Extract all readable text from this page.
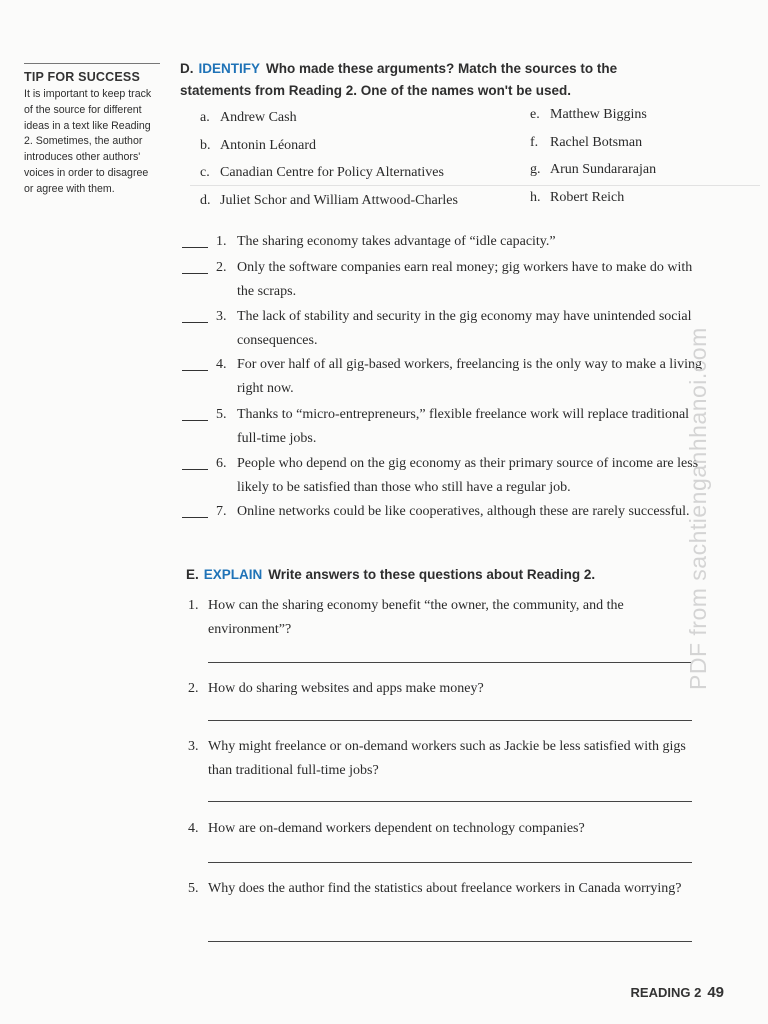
TIP FOR SUCCESS
It is important to keep track of the source for different ideas in a text like Reading 2. Sometimes, the author introduces other authors' voices in order to disagree or agree with them.
D. IDENTIFY Who made these arguments? Match the sources to the statements from Reading 2. One of the names won't be used.
a. Andrew Cash
b. Antonin Léonard
c. Canadian Centre for Policy Alternatives
d. Juliet Schor and William Attwood-Charles
e. Matthew Biggins
f. Rachel Botsman
g. Arun Sundararajan
h. Robert Reich
1. The sharing economy takes advantage of “idle capacity.”
2. Only the software companies earn real money; gig workers have to make do with the scraps.
3. The lack of stability and security in the gig economy may have unintended social consequences.
4. For over half of all gig-based workers, freelancing is the only way to make a living right now.
5. Thanks to “micro-entrepreneurs,” flexible freelance work will replace traditional full-time jobs.
6. People who depend on the gig economy as their primary source of income are less likely to be satisfied than those who still have a regular job.
7. Online networks could be like cooperatives, although these are rarely successful.
E. EXPLAIN Write answers to these questions about Reading 2.
1. How can the sharing economy benefit “the owner, the community, and the environment”?
2. How do sharing websites and apps make money?
3. Why might freelance or on-demand workers such as Jackie be less satisfied with gigs than traditional full-time jobs?
4. How are on-demand workers dependent on technology companies?
5. Why does the author find the statistics about freelance workers in Canada worrying?
PDF from sachtienganhhanoi.com
READING 2 49
